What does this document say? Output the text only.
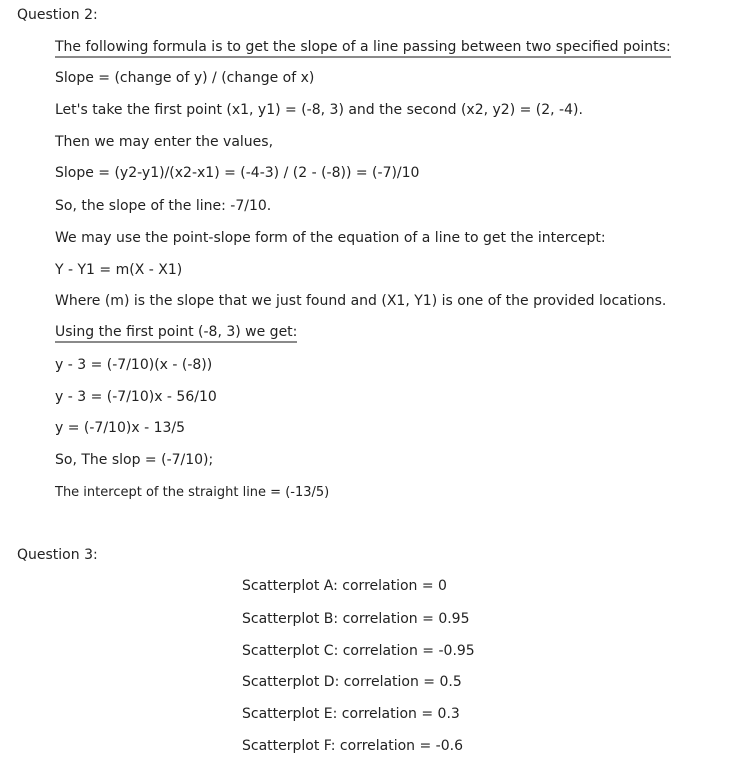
Question 2:
The following formula is to get the slope of a line passing between two specified points:
Slope = (change of y) / (change of x)
Let's take the first point (x1, y1) = (-8, 3) and the second (x2, y2) = (2, -4).
Then we may enter the values,
Slope = (y2-y1)/(x2-x1) = (-4-3) / (2 - (-8)) = (-7)/10
So, the slope of the line: -7/10.
We may use the point-slope form of the equation of a line to get the intercept:
Y - Y1 = m(X - X1)
Where (m) is the slope that we just found and (X1, Y1) is one of the provided locations.
Using the first point (-8, 3) we get:
y - 3 = (-7/10)(x - (-8))
y - 3 = (-7/10)x - 56/10
y = (-7/10)x - 13/5
So, The slop = (-7/10);
The intercept of the straight line = (-13/5)
Question 3:
Scatterplot A: correlation = 0
Scatterplot B: correlation = 0.95
Scatterplot C: correlation = -0.95
Scatterplot D: correlation = 0.5
Scatterplot E: correlation = 0.3
Scatterplot F: correlation = -0.6
